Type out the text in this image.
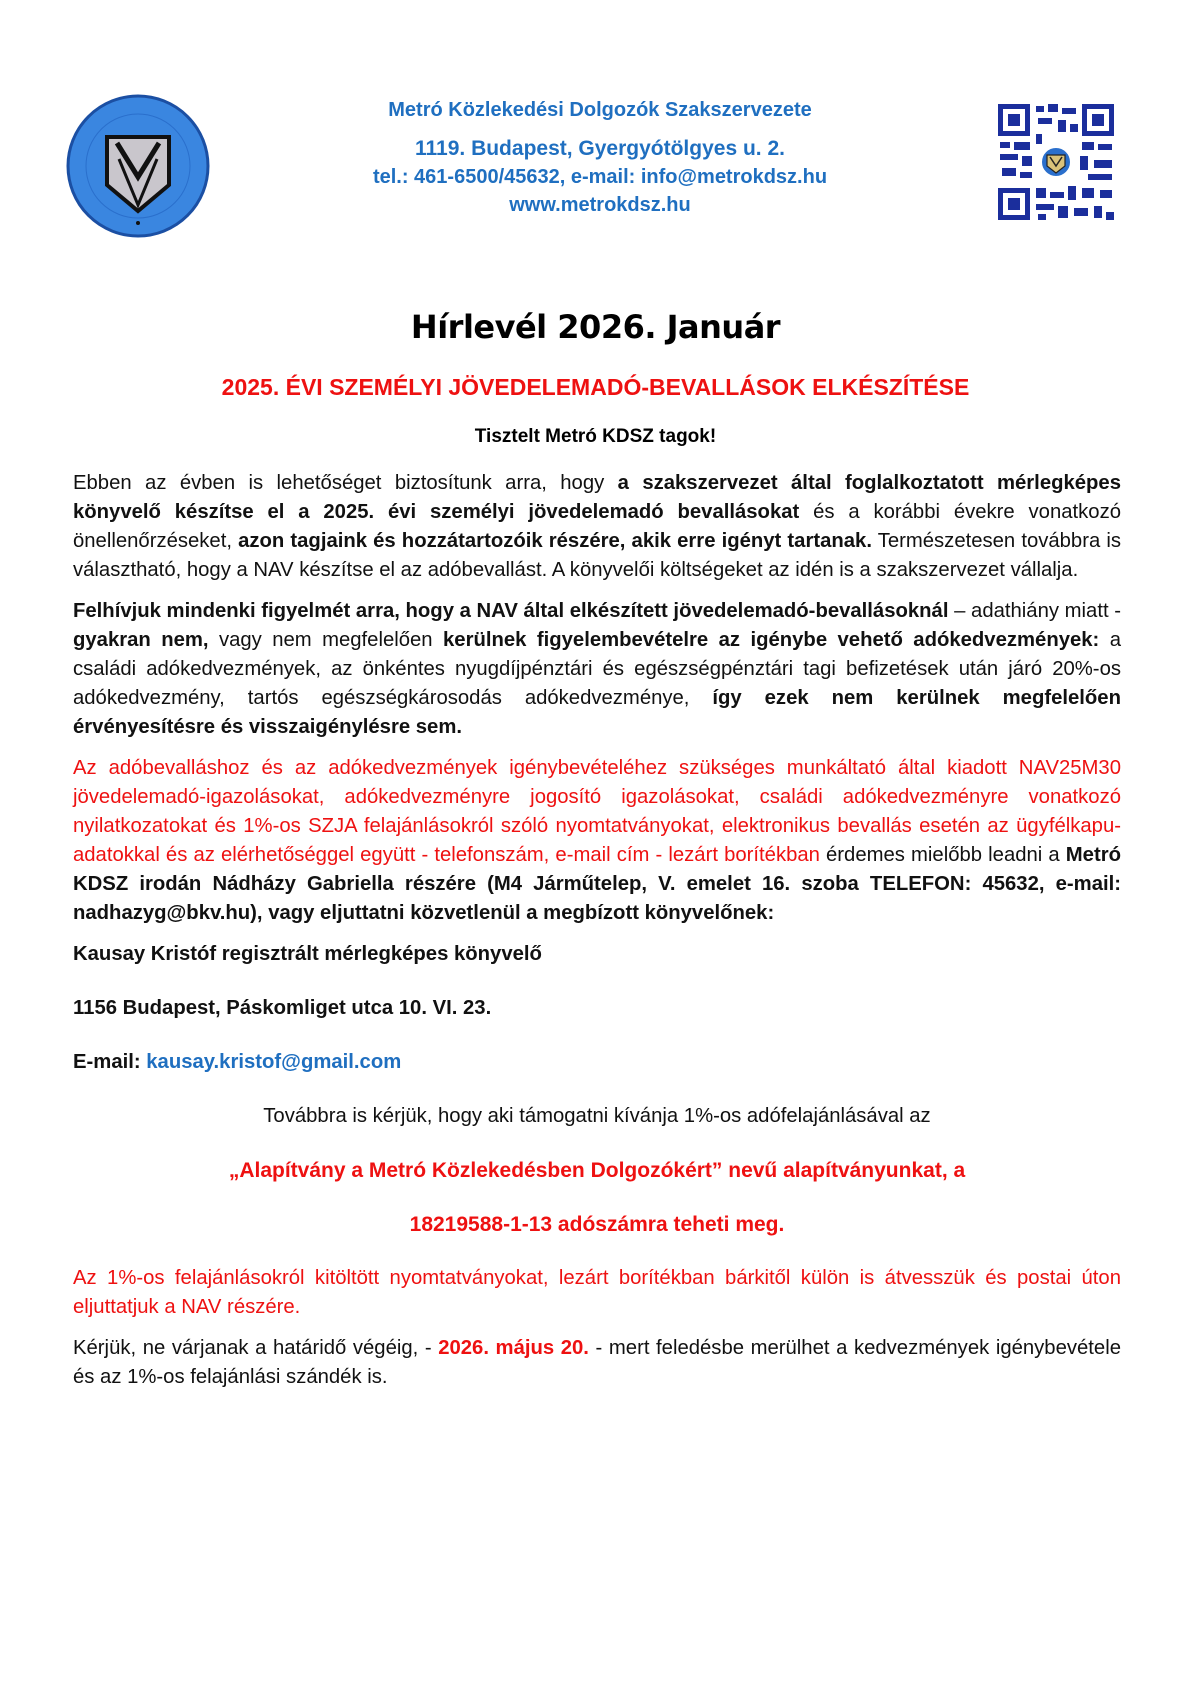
Metró Közlekedési Dolgozók Szakszervezete
1119. Budapest, Gyergyótölgyes u. 2.
tel.: 461-6500/45632, e-mail: info@metrokdsz.hu
www.metrokdsz.hu
Hírlevél 2026. Január
2025. ÉVI SZEMÉLYI JÖVEDELEMADÓ-BEVALLÁSOK ELKÉSZÍTÉSE
Tisztelt Metró KDSZ tagok!

Ebben az évben is lehetőséget biztosítunk arra, hogy a szakszervezet által foglalkoztatott mérlegképes könyvelő készítse el a 2025. évi személyi jövedelemadó bevallásokat és a korábbi évekre vonatkozó önellenőrzéseket, azon tagjaink és hozzátartozóik részére, akik erre igényt tartanak. Természetesen továbbra is választható, hogy a NAV készítse el az adóbevallást. A könyvelői költségeket az idén is a szakszervezet vállalja.

Felhívjuk mindenki figyelmét arra, hogy a NAV által elkészített jövedelemadó-bevallásoknál – adathiány miatt - gyakran nem, vagy nem megfelelően kerülnek figyelembevételre az igénybe vehető adókedvezmények: a családi adókedvezmények, az önkéntes nyugdíjpénztári és egészségpénztári tagi befizetések után járó 20%-os adókedvezmény, tartós egészségkárosodás adókedvezménye, így ezek nem kerülnek megfelelően érvényesítésre és visszaigénylésre sem.

Az adóbevalláshoz és az adókedvezmények igénybevételéhez szükséges munkáltató által kiadott NAV25M30 jövedelemadó-igazolásokat, adókedvezményre jogosító igazolásokat, családi adókedvezményre vonatkozó nyilatkozatokat és 1%-os SZJA felajánlásokról szóló nyomtatványokat, elektronikus bevallás esetén az ügyfélkapu-adatokkal és az elérhetőséggel együtt - telefonszám, e-mail cím - lezárt borítékban érdemes mielőbb leadni a Metró KDSZ irodán Nádházy Gabriella részére (M4 Járműtelep, V. emelet 16. szoba TELEFON: 45632, e-mail: nadhazyg@bkv.hu), vagy eljuttatni közvetlenül a megbízott könyvelőnek:

Kausay Kristóf regisztrált mérlegképes könyvelő

1156 Budapest, Páskomliget utca 10. VI. 23.

E-mail: kausay.kristof@gmail.com

Továbbra is kérjük, hogy aki támogatni kívánja 1%-os adófelajánlásával az

„Alapítvány a Metró Közlekedésben Dolgozókért” nevű alapítványunkat, a

18219588-1-13 adószámra teheti meg.

Az 1%-os felajánlásokról kitöltött nyomtatványokat, lezárt borítékban bárkitől külön is átvesszük és postai úton eljuttatjuk a NAV részére.

Kérjük, ne várjanak a határidő végéig, - 2026. május 20. - mert feledésbe merülhet a kedvezmények igénybevétele és az 1%-os felajánlási szándék is.
